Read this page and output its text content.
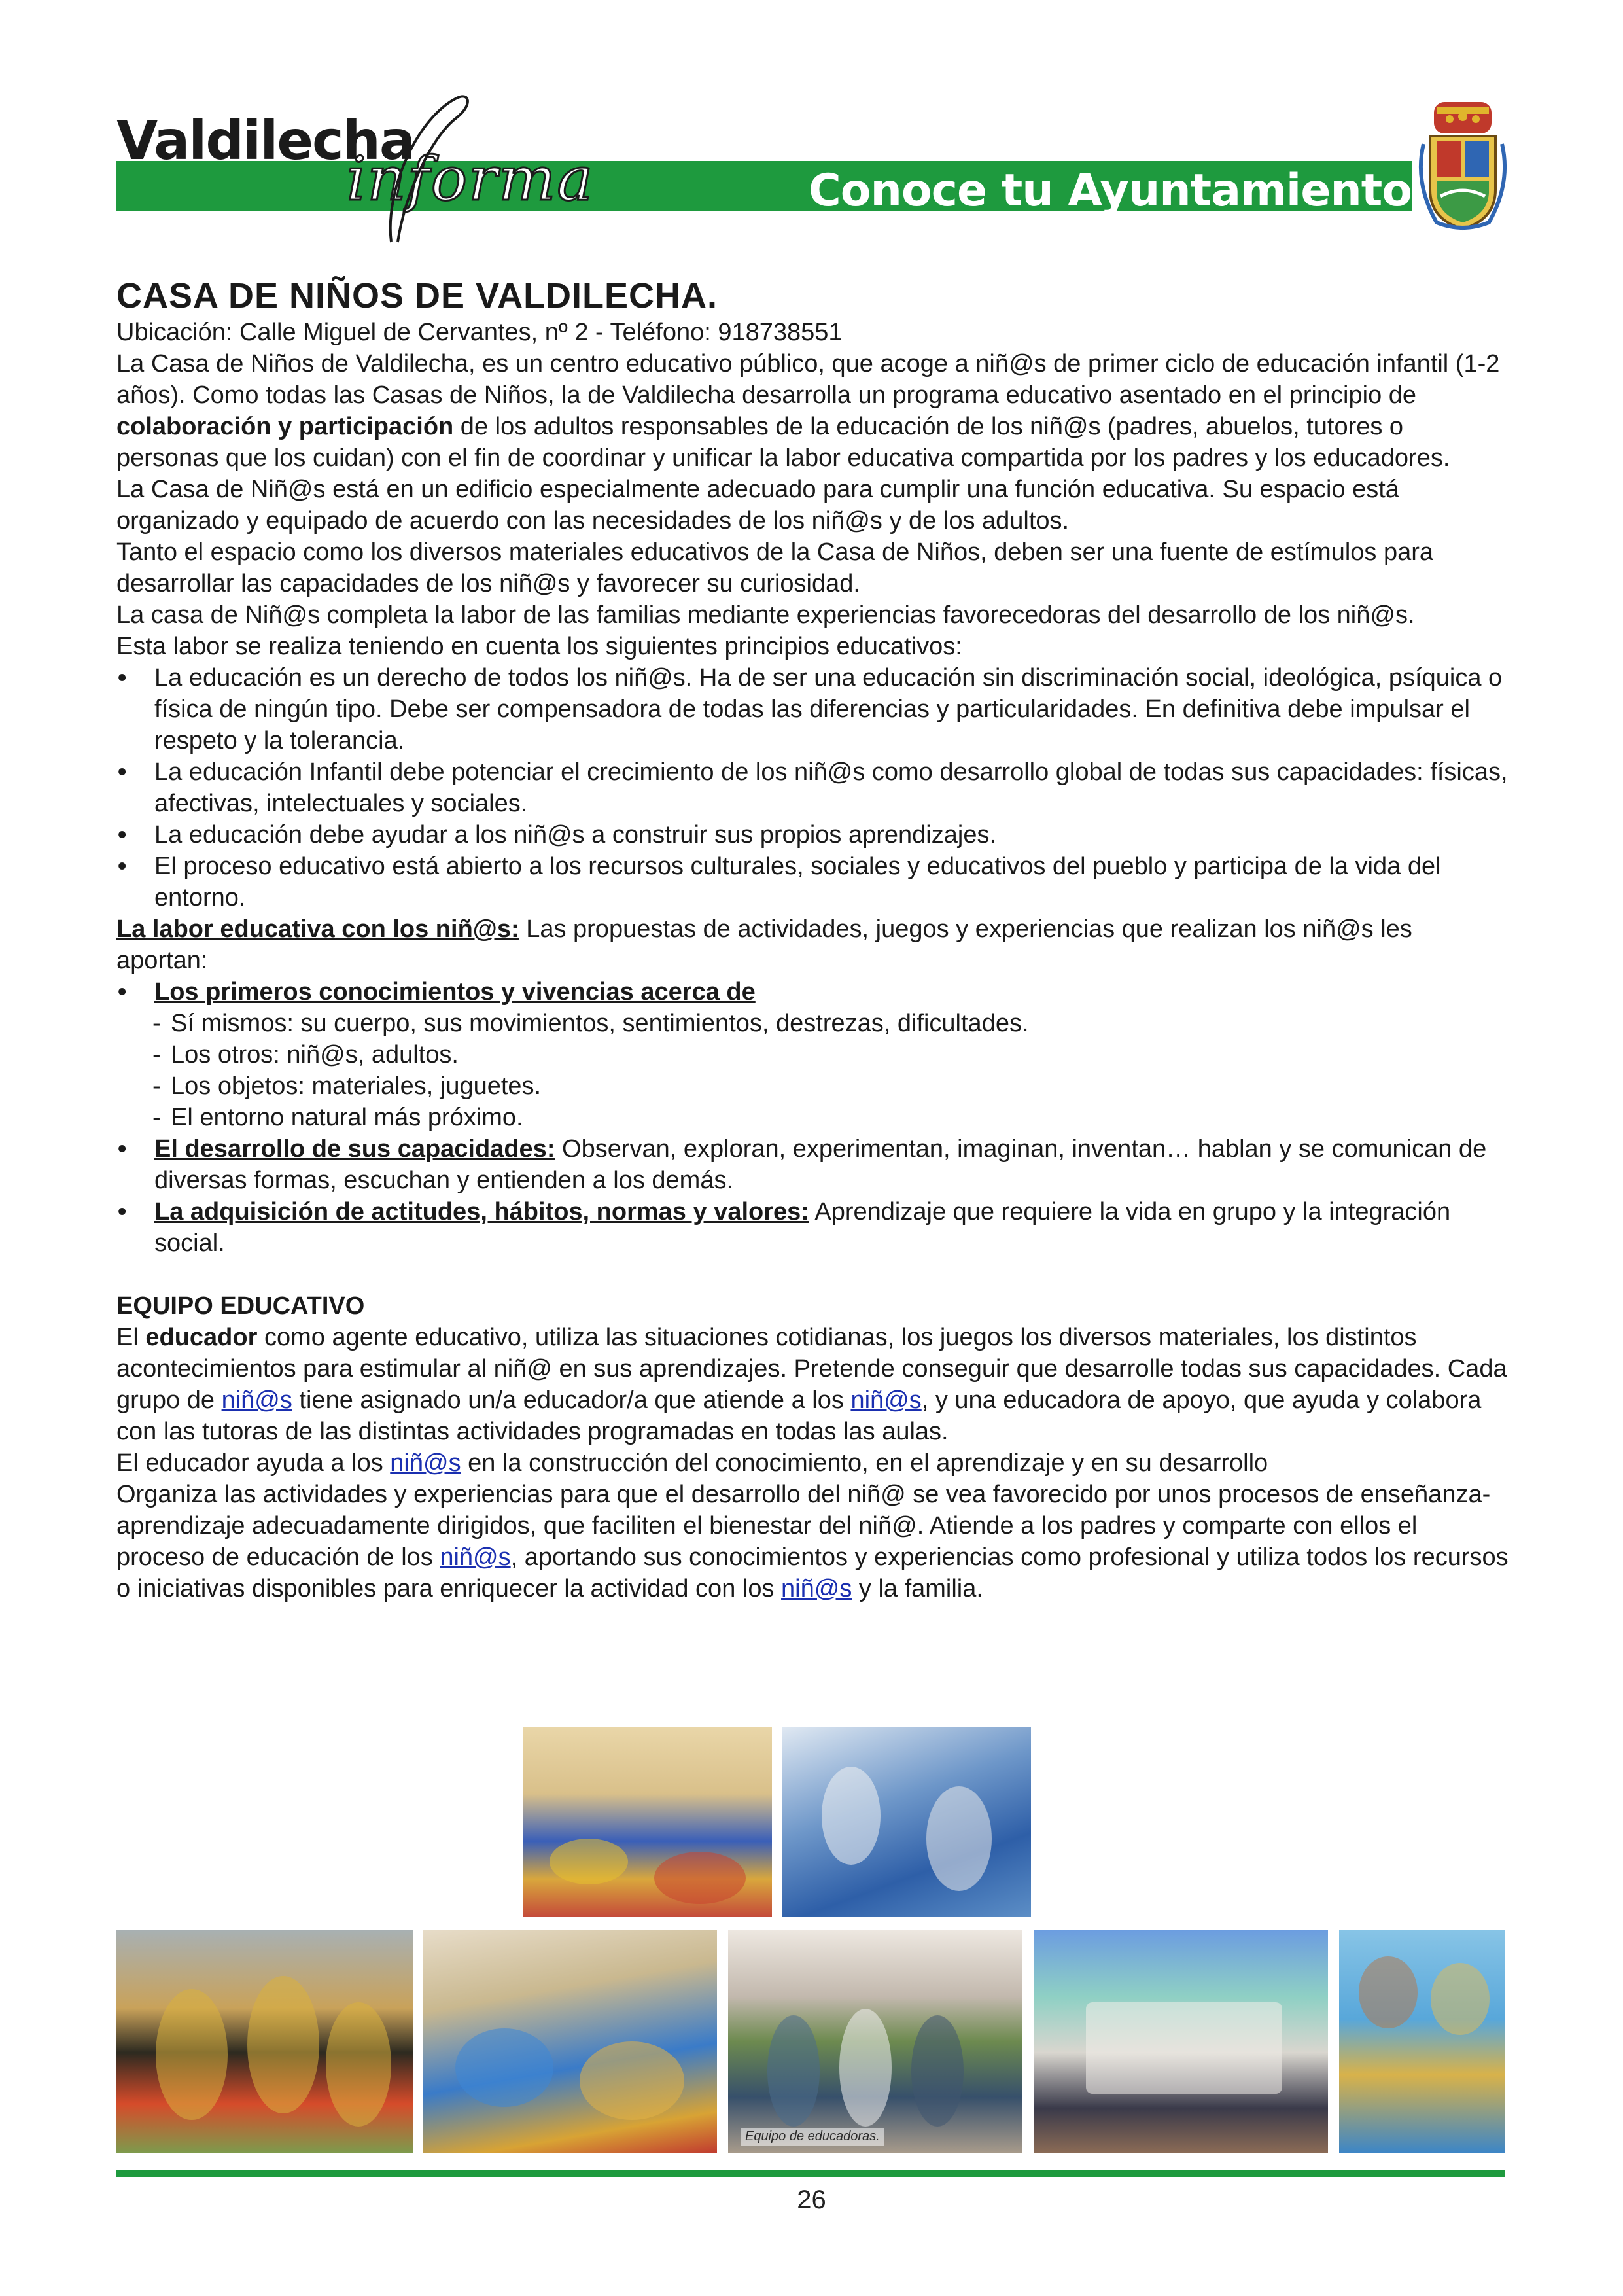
Valdilecha
informa	Conoce tu Ayuntamiento
CASA DE NIÑOS DE VALDILECHA.

Ubicación: Calle Miguel de Cervantes, nº 2 - Teléfono: 918738551

La Casa de Niños de Valdilecha, es un centro educativo público, que acoge a niñ@s de primer ciclo de educación infantil (1-2 años). Como todas las Casas de Niños, la de Valdilecha desarrolla un programa educativo asentado en el principio de colaboración y participación de los adultos responsables de la educación de los niñ@s (padres, abuelos, tutores o personas que los cuidan) con el fin de coordinar y unificar la labor educativa compartida por los padres y los educadores.

La Casa de Niñ@s está en un edificio especialmente adecuado para cumplir una función educativa. Su espacio está organizado y equipado de acuerdo con las necesidades de los niñ@s y de los adultos.

Tanto el espacio como los diversos materiales educativos de la Casa de Niños, deben ser una fuente de estímulos para desarrollar las capacidades de los niñ@s y favorecer su curiosidad.

La casa de Niñ@s completa la labor de las familias mediante experiencias favorecedoras del desarrollo de los niñ@s.

Esta labor se realiza teniendo en cuenta los siguientes principios educativos:

• La educación es un derecho de todos los niñ@s. Ha de ser una educación sin discriminación social, ideológica, psíquica o física de ningún tipo. Debe ser compensadora de todas las diferencias y particularidades. En definitiva debe impulsar el respeto y la tolerancia.
• La educación Infantil debe potenciar el crecimiento de los niñ@s como desarrollo global de todas sus capacidades: físicas, afectivas, intelectuales y sociales.
• La educación debe ayudar a los niñ@s a construir sus propios aprendizajes.
• El proceso educativo está abierto a los recursos culturales, sociales y educativos del pueblo y participa de la vida del entorno.

La labor educativa con los niñ@s: Las propuestas de actividades, juegos y experiencias que realizan los niñ@s les aportan:

• Los primeros conocimientos y vivencias acerca de
- Sí mismos: su cuerpo, sus movimientos, sentimientos, destrezas, dificultades.
- Los otros: niñ@s, adultos.
- Los objetos: materiales, juguetes.
- El entorno natural más próximo.
• El desarrollo de sus capacidades: Observan, exploran, experimentan, imaginan, inventan… hablan y se comunican de diversas formas, escuchan y entienden a los demás.
• La adquisición de actitudes, hábitos, normas y valores: Aprendizaje que requiere la vida en grupo y la integración social.
EQUIPO EDUCATIVO

El educador como agente educativo, utiliza las situaciones cotidianas, los juegos los diversos materiales, los distintos acontecimientos para estimular al niñ@ en sus aprendizajes. Pretende conseguir que desarrolle todas sus capacidades. Cada grupo de niñ@s tiene asignado un/a educador/a que atiende a los niñ@s, y una educadora de apoyo, que ayuda y colabora con las tutoras de las distintas actividades programadas en todas las aulas.

El educador ayuda a los niñ@s en la construcción del conocimiento, en el aprendizaje y en su desarrollo

Organiza las actividades y experiencias para que el desarrollo del niñ@ se vea favorecido por unos procesos de enseñanza-aprendizaje adecuadamente dirigidos, que faciliten el bienestar del niñ@. Atiende a los padres y comparte con ellos el proceso de educación de los niñ@s, aportando sus conocimientos y experiencias como profesional y utiliza todos los recursos o iniciativas disponibles para enriquecer la actividad con los niñ@s y la familia.

Equipo de educadoras.
26
